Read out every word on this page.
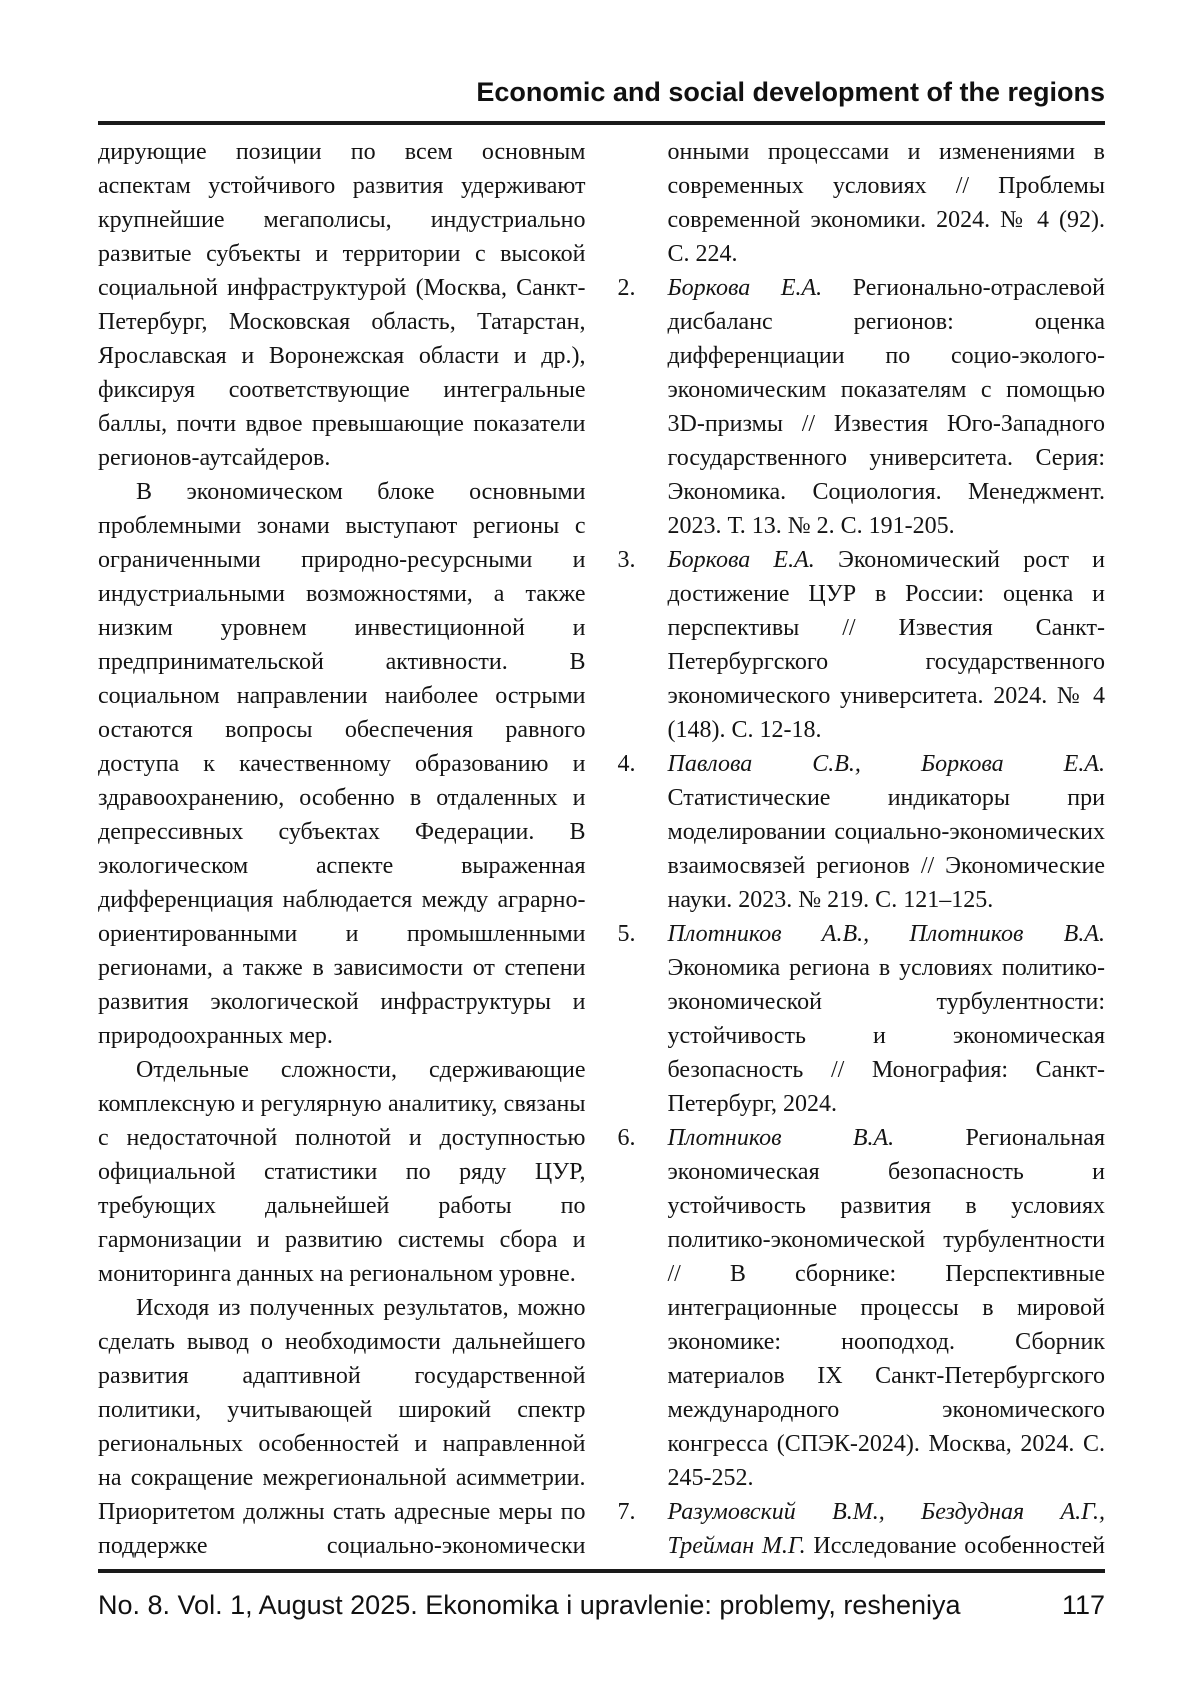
Economic and social development of the regions

дирующие позиции по всем основным аспектам устойчивого развития удерживают крупнейшие мегаполисы, индустриально развитые субъекты и территории с высокой социальной инфраструктурой (Москва, Санкт-Петербург, Московская область, Татарстан, Ярославская и Воронежская области и др.), фиксируя соответствующие интегральные баллы, почти вдвое превышающие показатели регионов-аутсайдеров.

В экономическом блоке основными проблемными зонами выступают регионы с ограниченными природно-ресурсными и индустриальными возможностями, а также низким уровнем инвестиционной и предпринимательской активности. В социальном направлении наиболее острыми остаются вопросы обеспечения равного доступа к качественному образованию и здравоохранению, особенно в отдаленных и депрессивных субъектах Федерации. В экологическом аспекте выраженная дифференциация наблюдается между аграрно-ориентированными и промышленными регионами, а также в зависимости от степени развития экологической инфраструктуры и природоохранных мер.

Отдельные сложности, сдерживающие комплексную и регулярную аналитику, связаны с недостаточной полнотой и доступностью официальной статистики по ряду ЦУР, требующих дальнейшей работы по гармонизации и развитию системы сбора и мониторинга данных на региональном уровне.

Исходя из полученных результатов, можно сделать вывод о необходимости дальнейшего развития адаптивной государственной политики, учитывающей широкий спектр региональных особенностей и направленной на сокращение межрегиональной асимметрии. Приоритетом должны стать адресные меры по поддержке социально-экономически

онными процессами и изменениями в современных условиях // Проблемы современной экономики. 2024. № 4 (92). С. 224.
2.	Боркова Е.А. Регионально-отраслевой дисбаланс регионов: оценка дифференциации по социо-эколого-экономическим показателям с помощью 3D-призмы // Известия Юго-Западного государственного университета. Серия: Экономика. Социология. Менеджмент. 2023. Т. 13. № 2. С. 191-205.
3.	Боркова Е.А. Экономический рост и достижение ЦУР в России: оценка и перспективы // Известия Санкт-Петербургского государственного экономического университета. 2024. № 4 (148). С. 12-18.
4.	Павлова С.В., Боркова Е.А. Статистические индикаторы при моделировании социально-экономических взаимосвязей регионов // Экономические науки. 2023. № 219. С. 121–125.
5.	Плотников А.В., Плотников В.А. Экономика региона в условиях политико-экономической турбулентности: устойчивость и экономическая безопасность // Монография: Санкт-Петербург, 2024.
6.	Плотников В.А.	Региональная экономическая безопасность и устойчивость развития в условиях политико-экономической турбулентности // В сборнике: Перспективные интеграционные процессы в мировой экономике: нооподход. Сборник материалов IX Санкт-Петербургского международного экономического конгресса (СПЭК-2024). Москва, 2024. С. 245-252.
7.	Разумовский В.М., Бездудная А.Г., Трейман М.Г. Исследование особенностей
No. 8. Vol. 1, August 2025. Ekonomika i upravlenie: problemy, resheniya	117
